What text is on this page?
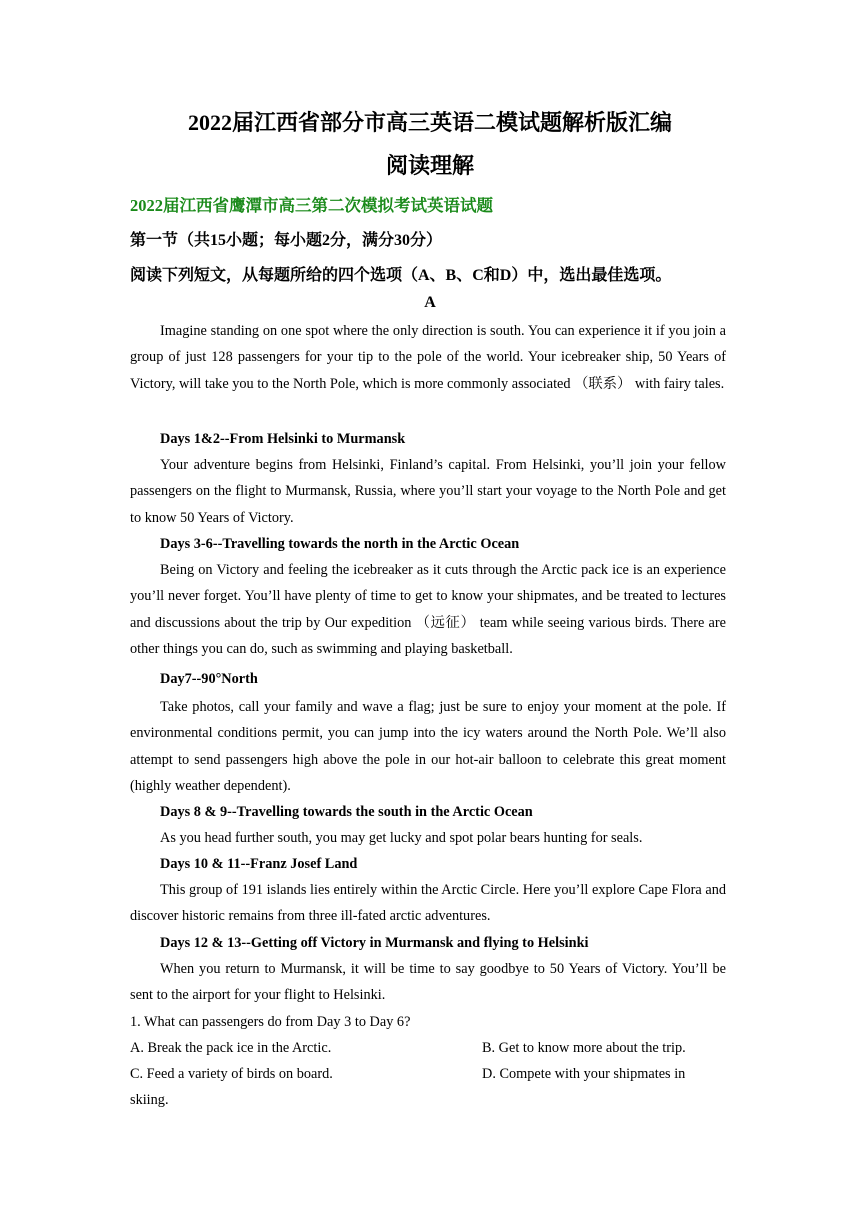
2022届江西省部分市高三英语二模试题解析版汇编
阅读理解
2022届江西省鹰潭市高三第二次模拟考试英语试题
第一节（共15小题；每小题2分，满分30分）
阅读下列短文，从每题所给的四个选项（A、B、C和D）中，选出最佳选项。
A

Imagine standing on one spot where the only direction is south. You can experience it if you join a group of just 128 passengers for your tip to the pole of the world. Your icebreaker ship, 50 Years of Victory, will take you to the North Pole, which is more commonly associated （联系） with fairy tales.

Days 1&2--From Helsinki to Murmansk

Your adventure begins from Helsinki, Finland’s capital. From Helsinki, you’ll join your fellow passengers on the flight to Murmansk, Russia, where you’ll start your voyage to the North Pole and get to know 50 Years of Victory.

Days 3-6--Travelling towards the north in the Arctic Ocean

Being on Victory and feeling the icebreaker as it cuts through the Arctic pack ice is an experience you’ll never forget. You’ll have plenty of time to get to know your shipmates, and be treated to lectures and discussions about the trip by Our expedition （远征） team while seeing various birds. There are other things you can do, such as swimming and playing basketball.

Day7--90°North

Take photos, call your family and wave a flag; just be sure to enjoy your moment at the pole. If environmental conditions permit, you can jump into the icy waters around the North Pole. We’ll also attempt to send passengers high above the pole in our hot-air balloon to celebrate this great moment (highly weather dependent).

Days 8 & 9--Travelling towards the south in the Arctic Ocean

As you head further south, you may get lucky and spot polar bears hunting for seals.

Days 10 & 11--Franz Josef Land

This group of 191 islands lies entirely within the Arctic Circle. Here you’ll explore Cape Flora and discover historic remains from three ill-fated arctic adventures.

Days 12 & 13--Getting off Victory in Murmansk and flying to Helsinki

When you return to Murmansk, it will be time to say goodbye to 50 Years of Victory. You’ll be sent to the airport for your flight to Helsinki.

1. What can passengers do from Day 3 to Day 6?
A. Break the pack ice in the Arctic.	B. Get to know more about the trip.
C. Feed a variety of birds on board.	D. Compete with your shipmates in
skiing.
